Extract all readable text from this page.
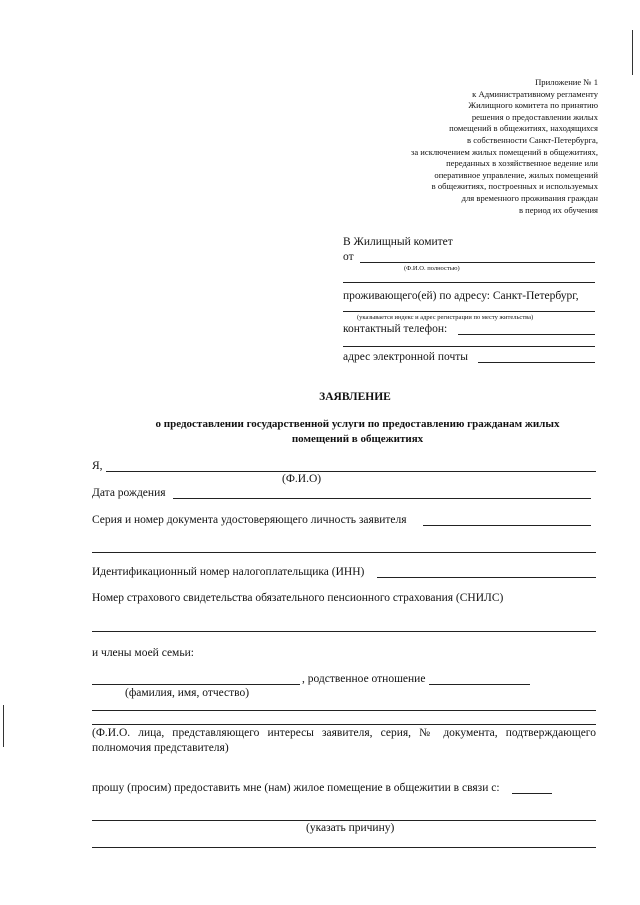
Приложение № 1
к Административному регламенту
Жилищного комитета по принятию
решения о предоставлении жилых
помещений в общежитиях, находящихся
в собственности Санкт-Петербурга,
за исключением жилых помещений в общежитиях,
переданных в хозяйственное ведение или
оперативное управление, жилых помещений
в общежитиях, построенных и используемых
для временного проживания граждан
в период их обучения
В Жилищный комитет
от
(Ф.И.О. полностью)
проживающего(ей) по адресу: Санкт-Петербург,
(указывается индекс и адрес регистрации по месту жительства)
контактный телефон:
адрес электронной почты
ЗАЯВЛЕНИЕ
о предоставлении государственной услуги по предоставлению гражданам жилых
помещений в общежитиях
Я,
(Ф.И.О)
Дата рождения
Серия и номер документа удостоверяющего личность заявителя
Идентификационный номер налогоплательщика (ИНН)
Номер страхового свидетельства обязательного пенсионного страхования (СНИЛС)
и члены моей семьи:
, родственное отношение
(фамилия, имя, отчество)
(Ф.И.О. лица, представляющего интересы заявителя, серия, № документа, подтверждающего
полномочия представителя)
прошу (просим) предоставить мне (нам) жилое помещение в общежитии в связи с:
(указать причину)
